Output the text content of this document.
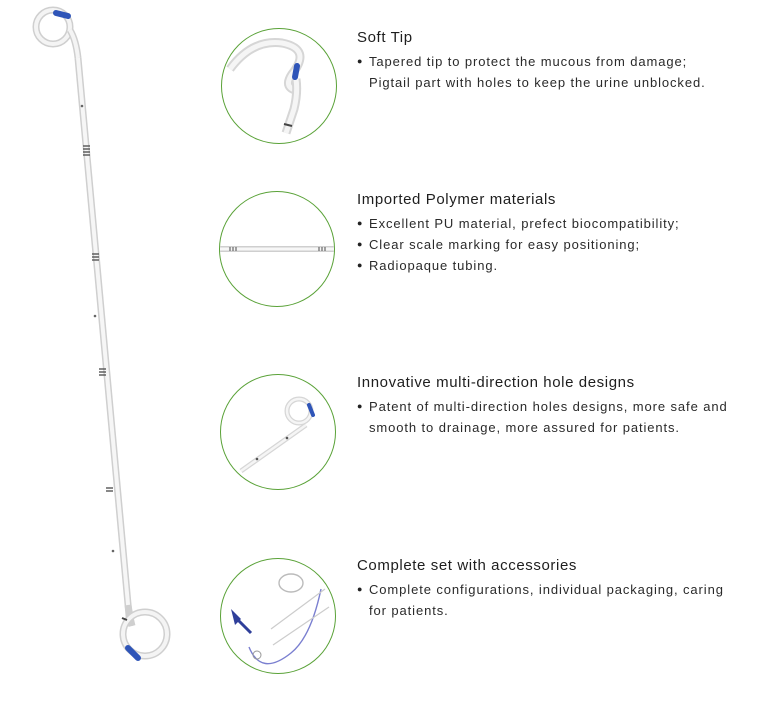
Soft Tip
● Tapered tip to protect the mucous from damage; Pigtail part with holes to keep the urine unblocked.
Imported Polymer materials
● Excellent PU material, prefect biocompatibility;
● Clear scale marking for easy positioning;
● Radiopaque tubing.
Innovative multi-direction hole designs
● Patent of multi-direction holes designs, more safe and smooth to drainage, more assured for patients.
Complete set with accessories
● Complete configurations, individual packaging, caring for patients.
